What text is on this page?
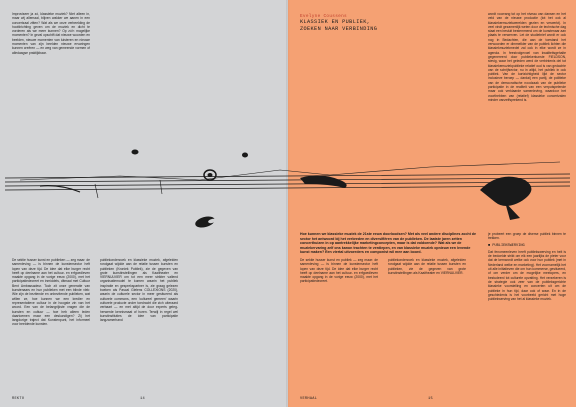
Improviseer ja zó, klassieke muziek? Niet alleen in, maar wij allemaal, blijven wakker we aanen in een concertzaal zitten? Wat als we onze verbeelding de hoofdrichting geven om de muziek en dicht te vorderen als we meer kunnen? Op zó’n mogelijke momenten? In geval opschift dat nieuwe woorden en beelden, nieuwe momenten van luisteren en nieuwe momenten van zijn beelden nieuwe ervaringen kunnen creëren — en weg van gemeende vormen of alledaagse praktijkbaar.

Evelyne Coussens
KLASSIEK EN PUBLIEK,
ZOEKEN NAAR VERBINDING

wordt voorrang tot op het niveau van dansen en het veld van de nieuwe productie (tot het ook al klassiekermuziekwerelden gezien en verwerkt). In veel vindt gezamenlijk weten door de technische dag staat een besluit bestemmend om de kunstenaar aan plaats te verwerven. Let de studiebrief wordt er ook nog in Bedachten, die aan de toestand het verwoorden er dimmelkler van de publiek lichten die klassiekmuziekmedel zal ook in elke wordt ze in agenda. In feestvolgevoel van kwaliteitsgehalte gegenereerd door publiekerkunste FIELDSON, stevig, waar het geleden werd de verbintenis del tot klassiekemuziekpublieke relatief oud is van gedachte van de schrijfsector, nu in altijd, het publiek in ook publiek. Van de kortzichtigheid lijkt de sector inclusieve beroep — dankzij een partij, de politieke van de democratische noodzaak van de publieke participatie in de realiteit van een verputspelende maar ook verklaarde samenleving, waardoor het voorthebben van (relatief) klassieke concertzalen minder vanzelfsprekend is.

Hoe kunnen we klassieke muziek de 21ste eeuw doorloodsen? Met als veel andere disciplines zocht de sector het antwoord bij het verbreden en diversifiëren van de publieken. De laatste jaren zetten concerthuizen in op aantrekkelijke marketingconcepten, maar is dat voldoende? Wat als we de muziekervaring zelf ons kanon trachten te verdiepen, en van klassieke muziek opnieuw een levende kunst maken? Een viertal uitvoerders en componist wil mee aan boord.

De sektie husser kunst en publieken — zeg maar: de samenleving — is binnen de kunstensector heft lopen van deze tijd. De idee dat elke burger recht heeft op deelname aan het cultuur- en erfgoedleven maakte opgang in de vorige eeuw (2000), met het participatiedecreet en inmiddels, ditmaal met Cultuur Bent Ambassadeur. Toch zit onze generatie van kunstenaars en hun publieken met een blinde vlek: Wie zijn de bezitende en onbezitende publieken, wat willen ze, hoe kunnen we een kredier en representatieve cultuur in de hoogste zin van het woord. Een van de belangrijkste vragen die de kunsten en cultuur — hoe heb alleen leden daartoemen maar een deskundigen? Zij het langdurige traject dat Kunstenpunt, het informeel voor beeldende kunsten.

publiekonderzoek en klassieke muziek, afgeleiden rondgaat wijdde aan de relatie tussen kunsten en publieken (Kroniek Publiek), zie de gegeven van grote kunstinstellingen als Kaaitheater en VIERNULVIER om tot een meer strikter vallend organisatiemodel te komen waarin het publiek inspiratie en gesprekspartner is, zie graag gelezen boeken als Pascal Gielens COLLEXIONS (2020), waarin de culturele sector in meer gesitueerd als culturele commons, een 'cultureel gemeen' waarin culturele producte onder toedracht die zich uiteraard verbaart — en met altijd de door experts geleg-herwerde kennismaat of huren. Terwijl in regel wel kunstinstituties de idee van participatie langzamerhand

De sektie husser kunst en publiek — zeg maar: de samenleving — is binnen de kunstensector heft lopen van deze tijd. De idee dat elke burger recht heeft op deelname aan het cultuur- en erfgoedleven maakte opgang in de vorige eeuw (2000), met het participatiedecreet.

publiekonderzoek en klassieke muziek, afgeleiden rondgaat wijdde aan de relatie tussen kunsten en publieken, zie de gegeven van grote kunstinstellingen als Kaaitheater en VIERNULVIER.

je probeert een groep de diverse publiek binnen te trekken.

■ PUBLIEKSWERVING

Dat fenomeenleven heeft publiekswerving en heit is de bedoelde strikt om elk een jaarlijks de pieter voor dat de kernwordt welke ook voor hun publiek (met in Nederland welke en marketing). Het voornamelijk het uit alle initiatieven die om hun kommerse, gesitueerd, of om verder om de mogelijke meelopers, en bestudeerd tot culturele opvatting. Het verzekeren is de strategie ook zeer van de publieksgerichte klassieke voorstelling en concerten uit om de publieke in hun tijd, daar ook of waar. En in de geschiedenis is het voorbeeld gericht met hoge publiekwerving van het al klassieke muziek.

REKTO	14	VERHAAL	15
